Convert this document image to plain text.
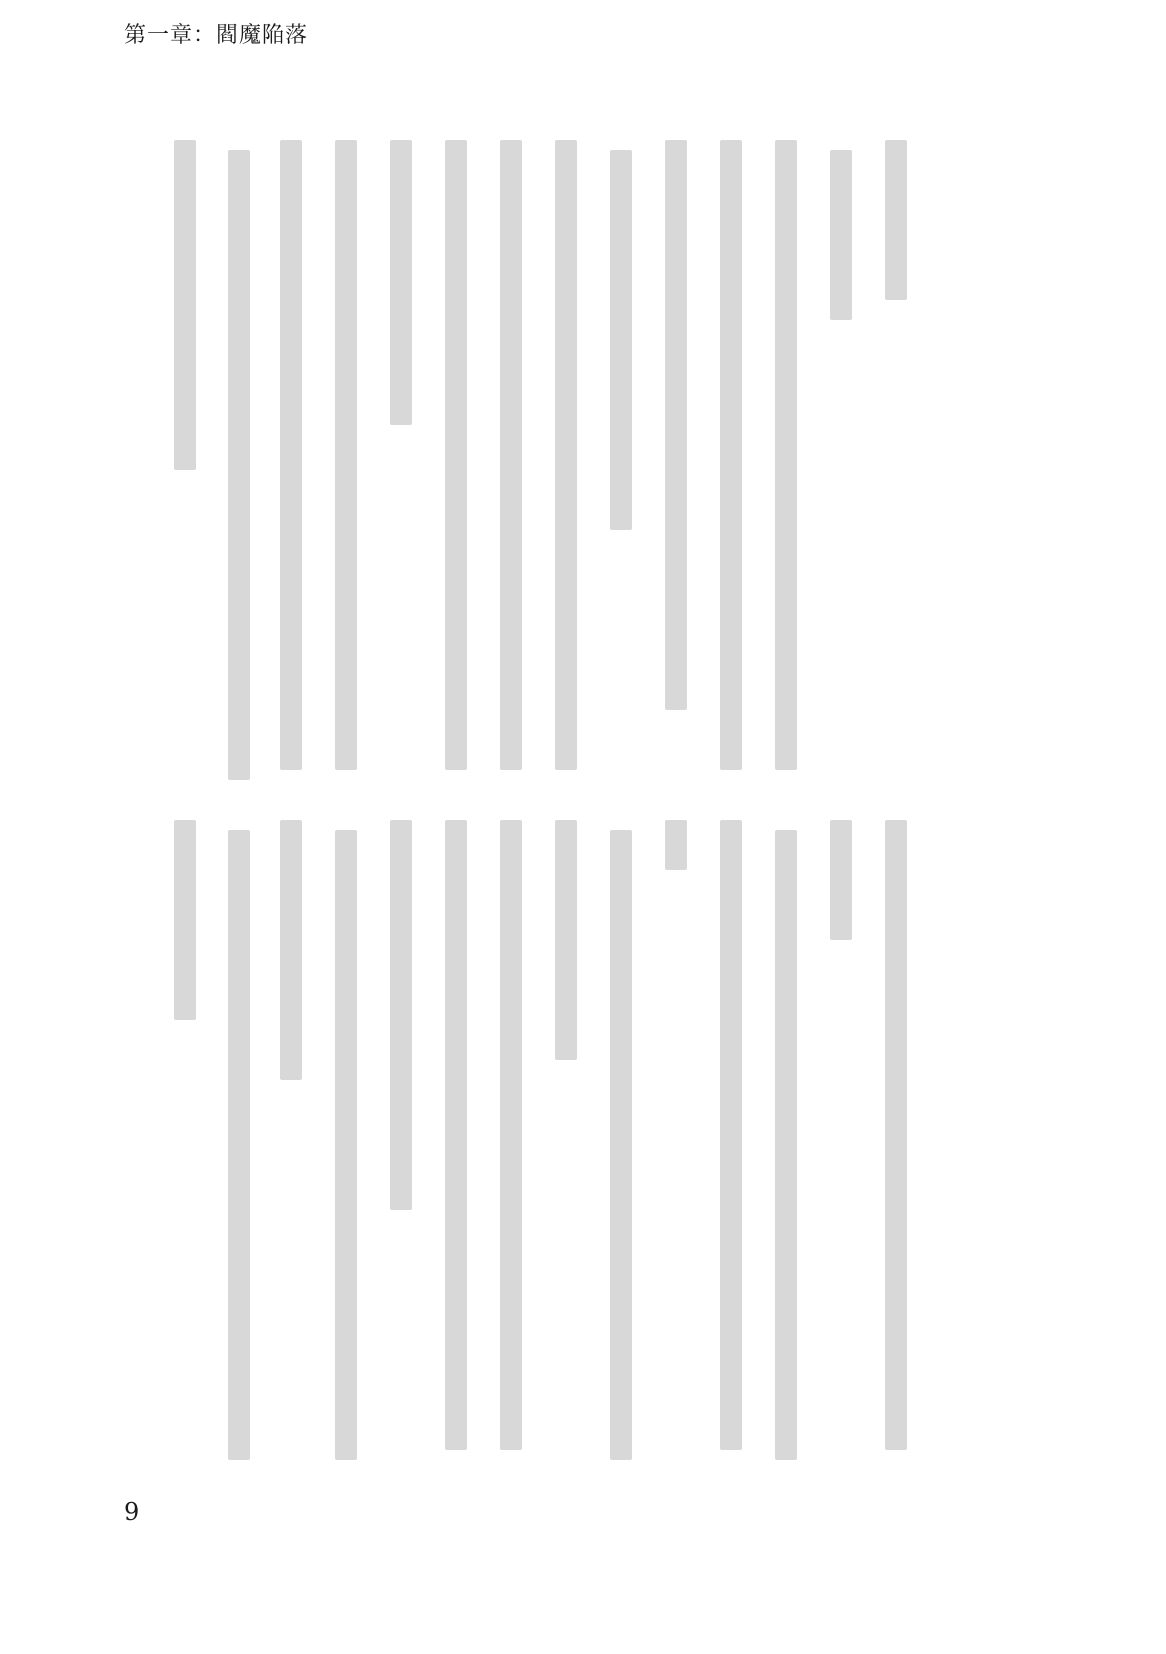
第一章：閻魔陥落
9
